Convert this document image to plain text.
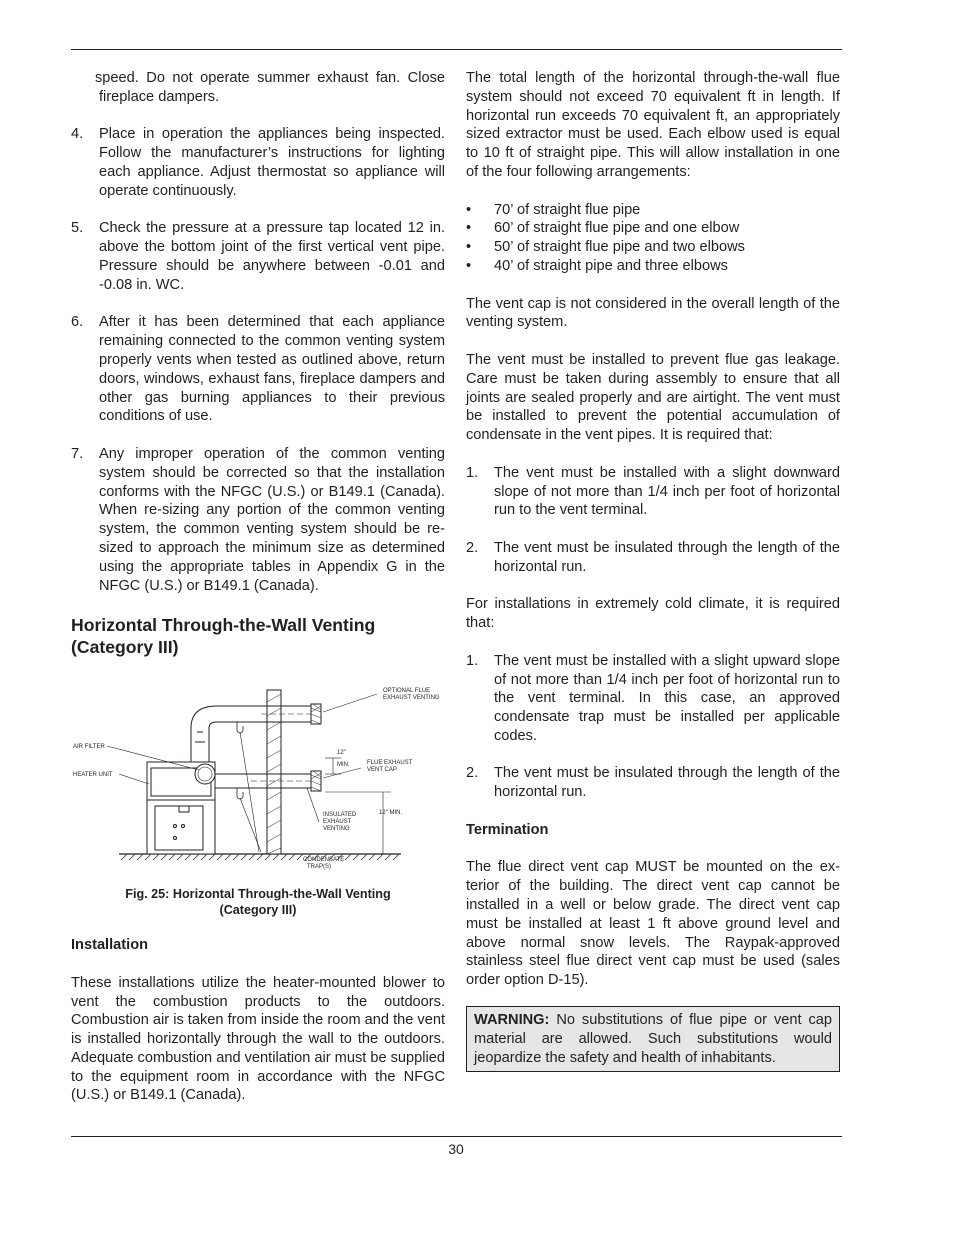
speed. Do not operate summer exhaust fan. Close fireplace dampers.

4. Place in operation the appliances being inspected. Follow the manufacturer’s instructions for lighting each appliance. Adjust thermostat so appliance will operate continuously.
5. Check the pressure at a pressure tap located 12 in. above the bottom joint of the first vertical vent pipe. Pressure should be anywhere between -0.01 and -0.08 in. WC.
6. After it has been determined that each appliance remaining connected to the common venting system properly vents when tested as outlined above, return doors, windows, exhaust fans, fireplace dampers and other gas burning appliances to their previous conditions of use.
7. Any improper operation of the common venting system should be corrected so that the installation conforms with the NFGC (U.S.) or B149.1 (Canada). When re-sizing any portion of the common venting system, the common venting system should be re-sized to approach the minimum size as determined using the appropriate tables in Appendix G in the NFGC (U.S.) or B149.1 (Canada).
Horizontal Through-the-Wall Venting (Category III)
OPTIONAL FLUE
EXHAUST VENTING
AIR FILTER
HEATER UNIT
12"
MIN.	FLUE EXHAUST
VENT CAP
INSULATED
EXHAUST
VENTING
12" MIN.
CONDENSATE
TRAP(S)
Fig. 25: Horizontal Through-the-Wall Venting
(Category III)
Installation

These installations utilize the heater-mounted blower to vent the combustion products to the outdoors. Combustion air is taken from inside the room and the vent is installed horizontally through the wall to the outdoors. Adequate combustion and ventilation air must be supplied to the equipment room in accordance with the NFGC (U.S.) or B149.1 (Canada).

The total length of the horizontal through-the-wall flue system should not exceed 70 equivalent ft in length. If horizontal run exceeds 70 equivalent ft, an appropriately sized extractor must be used. Each elbow used is equal to 10 ft of straight pipe. This will allow installation in one of the four following arrangements:

• 70’ of straight flue pipe
• 60’ of straight flue pipe and one elbow
• 50’ of straight flue pipe and two elbows
• 40’ of straight pipe and three elbows

The vent cap is not considered in the overall length of the venting system.

The vent must be installed to prevent flue gas leakage. Care must be taken during assembly to ensure that all joints are sealed properly and are airtight. The vent must be installed to prevent the potential accumulation of condensate in the vent pipes. It is required that:

1. The vent must be installed with a slight downward slope of not more than 1/4 inch per foot of horizontal run to the vent terminal.
2. The vent must be insulated through the length of the horizontal run.

For installations in extremely cold climate, it is required that:

1. The vent must be installed with a slight upward slope of not more than 1/4 inch per foot of horizontal run to the vent terminal. In this case, an approved condensate trap must be installed per applicable codes.
2. The vent must be insulated through the length of the horizontal run.
Termination

The flue direct vent cap MUST be mounted on the exterior of the building. The direct vent cap cannot be installed in a well or below grade. The direct vent cap must be installed at least 1 ft above ground level and above normal snow levels. The Raypak-approved stainless steel flue direct vent cap must be used (sales order option D-15).

WARNING: No substitutions of flue pipe or vent cap material are allowed. Such substitutions would jeopardize the safety and health of inhabitants.
30
